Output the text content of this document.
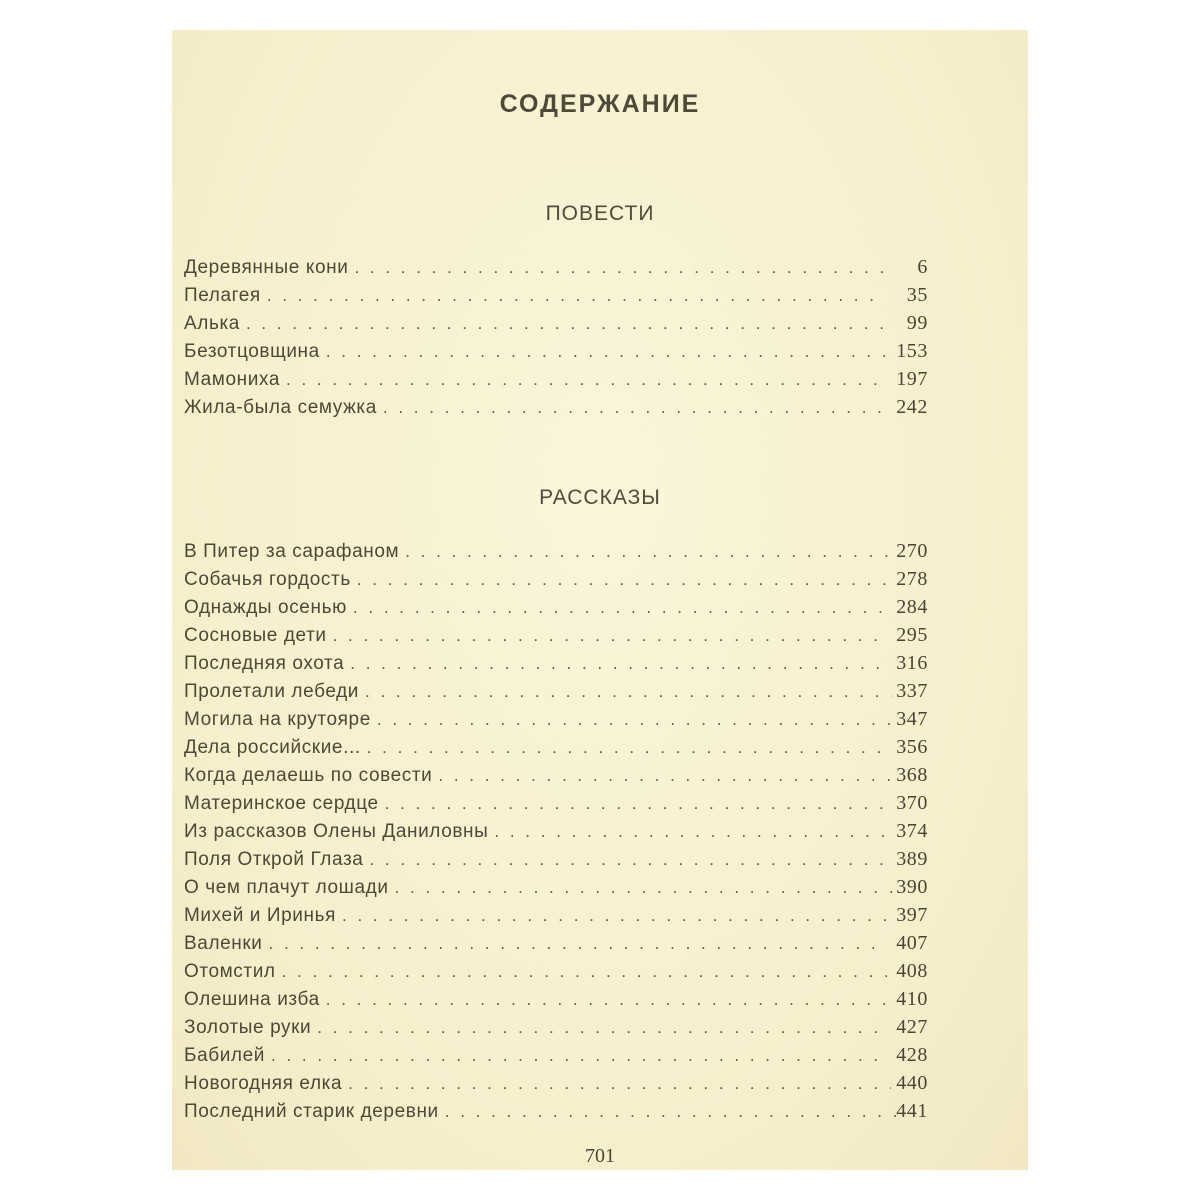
СОДЕРЖАНИЕ
ПОВЕСТИ
Деревянные кони . . .	6
Пелагея . . .	35
Алька . . .	99
Безотцовщина . . .	153
Мамониха . . .	197
Жила-была семужка . . .	242
РАССКАЗЫ
В Питер за сарафаном . . .	270
Собачья гордость . . .	278
Однажды осенью . . .	284
Сосновые дети . . .	295
Последняя охота . . .	316
Пролетали лебеди . . .	337
Могила на крутояре . . .	347
Дела российские... . . .	356
Когда делаешь по совести . . .	368
Материнское сердце . . .	370
Из рассказов Олены Даниловны . . .	374
Поля Открой Глаза . . .	389
О чем плачут лошади . . .	390
Михей и Иринья . . .	397
Валенки . . .	407
Отомстил . . .	408
Олешина изба . . .	410
Золотые руки . . .	427
Бабилей . . .	428
Новогодняя елка . . .	440
Последний старик деревни . . .	441
701
